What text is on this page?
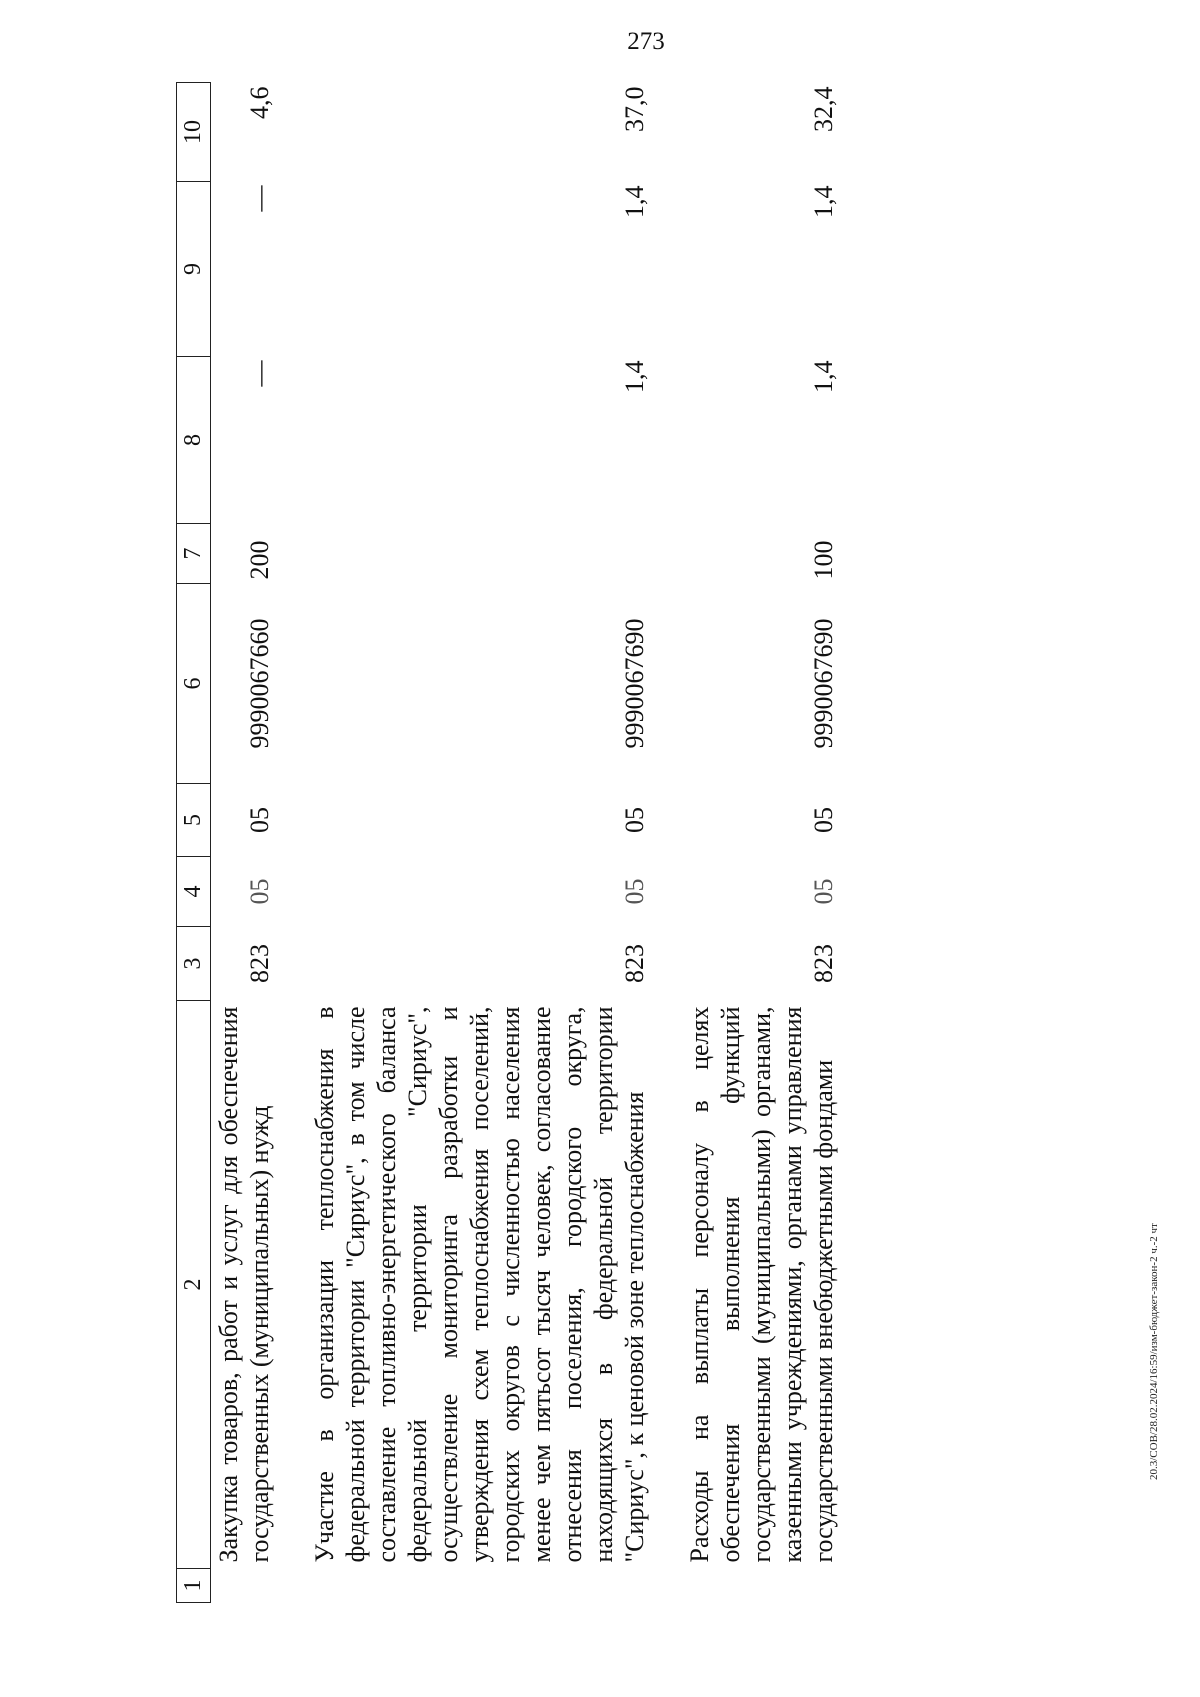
273
1	2	3	4	5	6	7	8	9	10
	Закупка товаров, работ и услуг для обеспечения государственных (муниципальных) нужд	823	05	05	9990067660	200	—	—	4,6
	Участие в организации теплоснабжения в федеральной территории "Сириус", в том числе составление топливно-энергетического баланса федеральной территории "Сириус", осуществление мониторинга разработки и утверждения схем теплоснабжения поселений, городских округов с численностью населения менее чем пятьсот тысяч человек, согласование отнесения поселения, городского округа, находящихся в федеральной территории "Сириус", к ценовой зоне теплоснабжения	823	05	05	9990067690		1,4	1,4	37,0
	Расходы на выплаты персоналу в целях обеспечения выполнения функций государственными (муниципальными) органами, казенными учреждениями, органами управления государственными внебюджетными фондами	823	05	05	9990067690	100	1,4	1,4	32,4
20.3/СОВ/28.02.2024/16:59/изм-бюджет-закон-2 ч.-2 чт
